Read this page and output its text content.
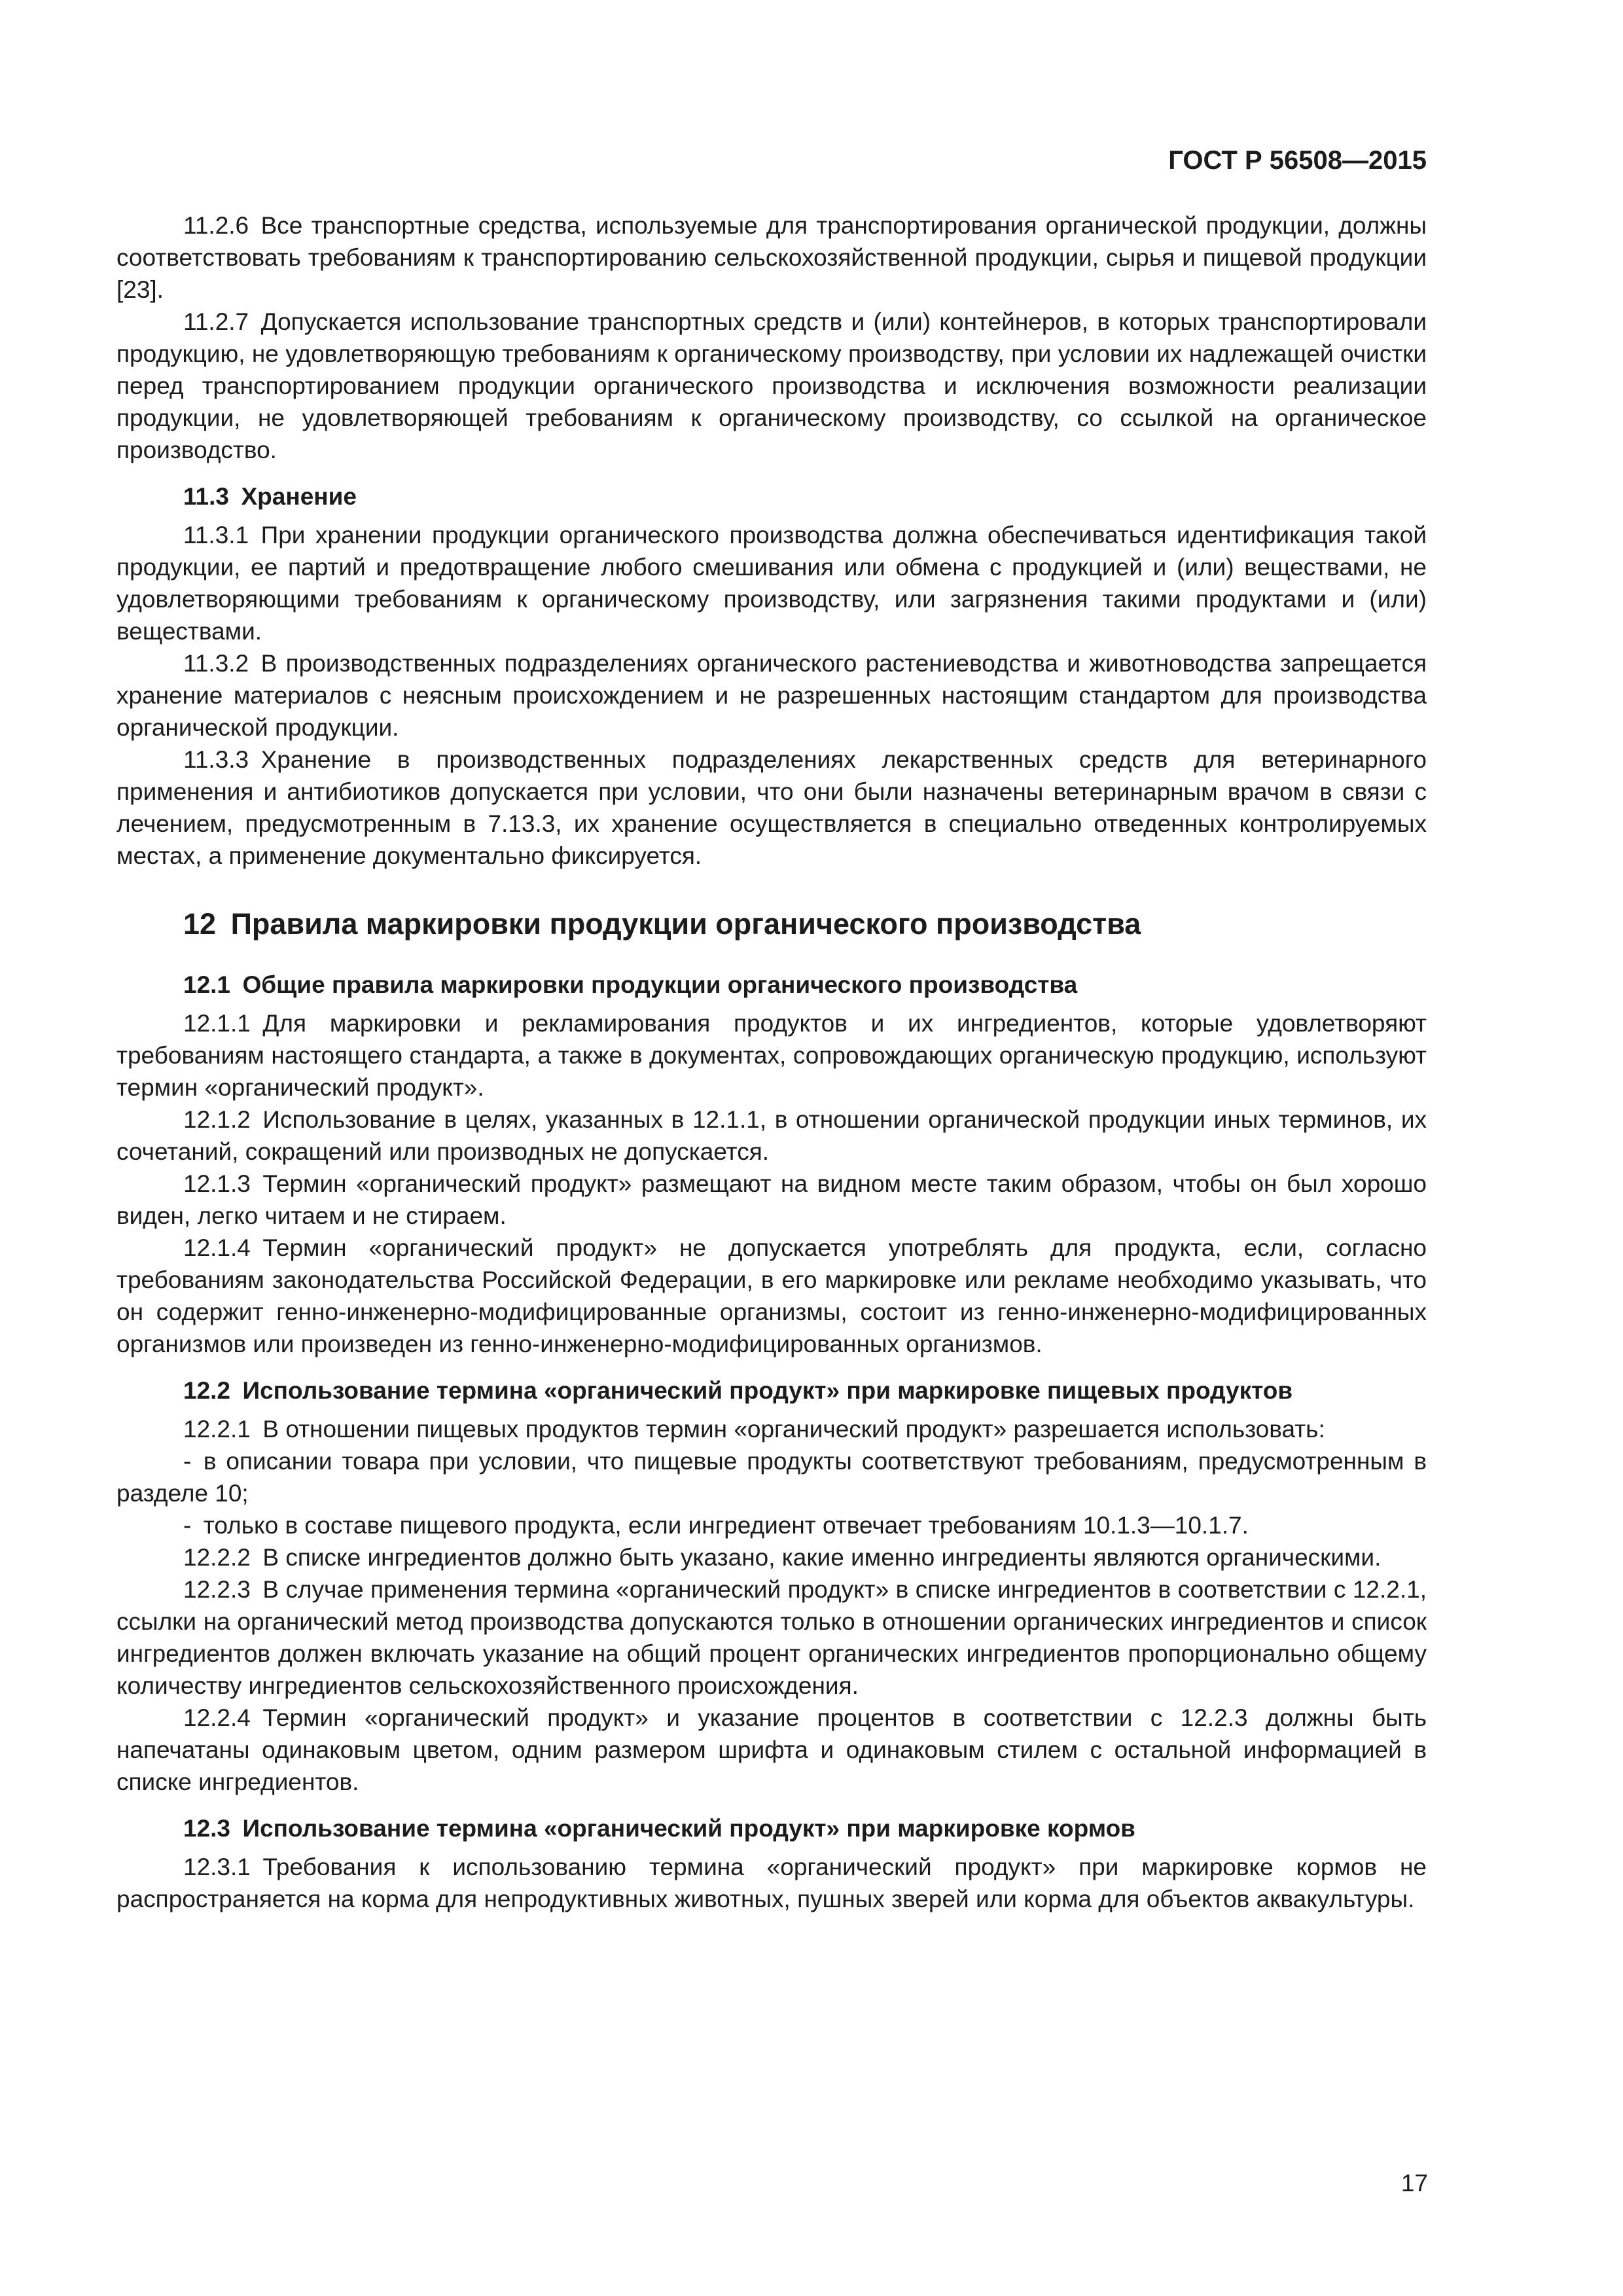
ГОСТ Р 56508—2015
11.2.6  Все транспортные средства, используемые для транспортирования органической продукции, должны соответствовать требованиям к транспортированию сельскохозяйственной продукции, сырья и пищевой продукции [23].
11.2.7  Допускается использование транспортных средств и (или) контейнеров, в которых транспортировали продукцию, не удовлетворяющую требованиям к органическому производству, при условии их надлежащей очистки перед транспортированием продукции органического производства и исключения возможности реализации продукции, не удовлетворяющей требованиям к органическому производству, со ссылкой на органическое производство.
11.3  Хранение
11.3.1  При хранении продукции органического производства должна обеспечиваться идентификация такой продукции, ее партий и предотвращение любого смешивания или обмена с продукцией и (или) веществами, не удовлетворяющими требованиям к органическому производству, или загрязнения такими продуктами и (или) веществами.
11.3.2  В производственных подразделениях органического растениеводства и животноводства запрещается хранение материалов с неясным происхождением и не разрешенных настоящим стандартом для производства органической продукции.
11.3.3  Хранение в производственных подразделениях лекарственных средств для ветеринарного применения и антибиотиков допускается при условии, что они были назначены ветеринарным врачом в связи с лечением, предусмотренным в 7.13.3, их хранение осуществляется в специально отведенных контролируемых местах, а применение документально фиксируется.
12  Правила маркировки продукции органического производства
12.1  Общие правила маркировки продукции органического производства
12.1.1  Для маркировки и рекламирования продуктов и их ингредиентов, которые удовлетворяют требованиям настоящего стандарта, а также в документах, сопровождающих органическую продукцию, используют термин «органический продукт».
12.1.2  Использование в целях, указанных в 12.1.1, в отношении органической продукции иных терминов, их сочетаний, сокращений или производных не допускается.
12.1.3  Термин «органический продукт» размещают на видном месте таким образом, чтобы он был хорошо виден, легко читаем и не стираем.
12.1.4  Термин «органический продукт» не допускается употреблять для продукта, если, согласно требованиям законодательства Российской Федерации, в его маркировке или рекламе необходимо указывать, что он содержит генно-инженерно-модифицированные организмы, состоит из генно-инженерно-модифицированных организмов или произведен из генно-инженерно-модифицированных организмов.
12.2  Использование термина «органический продукт» при маркировке пищевых продуктов
12.2.1  В отношении пищевых продуктов термин «органический продукт» разрешается использовать:
-  в описании товара при условии, что пищевые продукты соответствуют требованиям, предусмотренным в разделе 10;
-  только в составе пищевого продукта, если ингредиент отвечает требованиям 10.1.3—10.1.7.
12.2.2  В списке ингредиентов должно быть указано, какие именно ингредиенты являются органическими.
12.2.3  В случае применения термина «органический продукт» в списке ингредиентов в соответствии с 12.2.1, ссылки на органический метод производства допускаются только в отношении органических ингредиентов и список ингредиентов должен включать указание на общий процент органических ингредиентов пропорционально общему количеству ингредиентов сельскохозяйственного происхождения.
12.2.4  Термин «органический продукт» и указание процентов в соответствии с 12.2.3 должны быть напечатаны одинаковым цветом, одним размером шрифта и одинаковым стилем с остальной информацией в списке ингредиентов.
12.3  Использование термина «органический продукт» при маркировке кормов
12.3.1  Требования к использованию термина «органический продукт» при маркировке кормов не распространяется на корма для непродуктивных животных, пушных зверей или корма для объектов аквакультуры.
17
